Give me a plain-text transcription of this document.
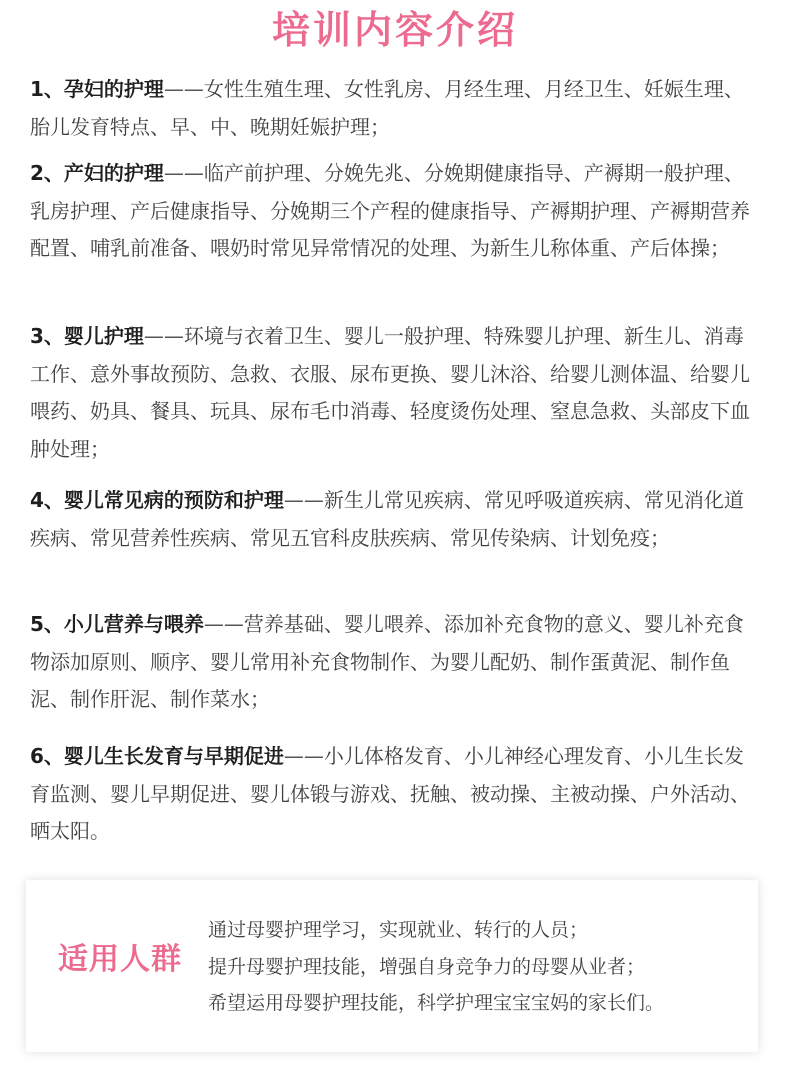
培训内容介绍
1、孕妇的护理——女性生殖生理、女性乳房、月经生理、月经卫生、妊娠生理、胎儿发育特点、早、中、晚期妊娠护理；
2、产妇的护理——临产前护理、分娩先兆、分娩期健康指导、产褥期一般护理、乳房护理、产后健康指导、分娩期三个产程的健康指导、产褥期护理、产褥期营养配置、哺乳前准备、喂奶时常见异常情况的处理、为新生儿称体重、产后体操；
3、婴儿护理——环境与衣着卫生、婴儿一般护理、特殊婴儿护理、新生儿、消毒工作、意外事故预防、急救、衣服、尿布更换、婴儿沐浴、给婴儿测体温、给婴儿喂药、奶具、餐具、玩具、尿布毛巾消毒、轻度烫伤处理、窒息急救、头部皮下血肿处理；
4、婴儿常见病的预防和护理——新生儿常见疾病、常见呼吸道疾病、常见消化道疾病、常见营养性疾病、常见五官科皮肤疾病、常见传染病、计划免疫；
5、小儿营养与喂养——营养基础、婴儿喂养、添加补充食物的意义、婴儿补充食物添加原则、顺序、婴儿常用补充食物制作、为婴儿配奶、制作蛋黄泥、制作鱼泥、制作肝泥、制作菜水；
6、婴儿生长发育与早期促进——小儿体格发育、小儿神经心理发育、小儿生长发育监测、婴儿早期促进、婴儿体锻与游戏、抚触、被动操、主被动操、户外活动、晒太阳。
适用人群
通过母婴护理学习，实现就业、转行的人员；
提升母婴护理技能，增强自身竞争力的母婴从业者；
希望运用母婴护理技能，科学护理宝宝宝妈的家长们。
